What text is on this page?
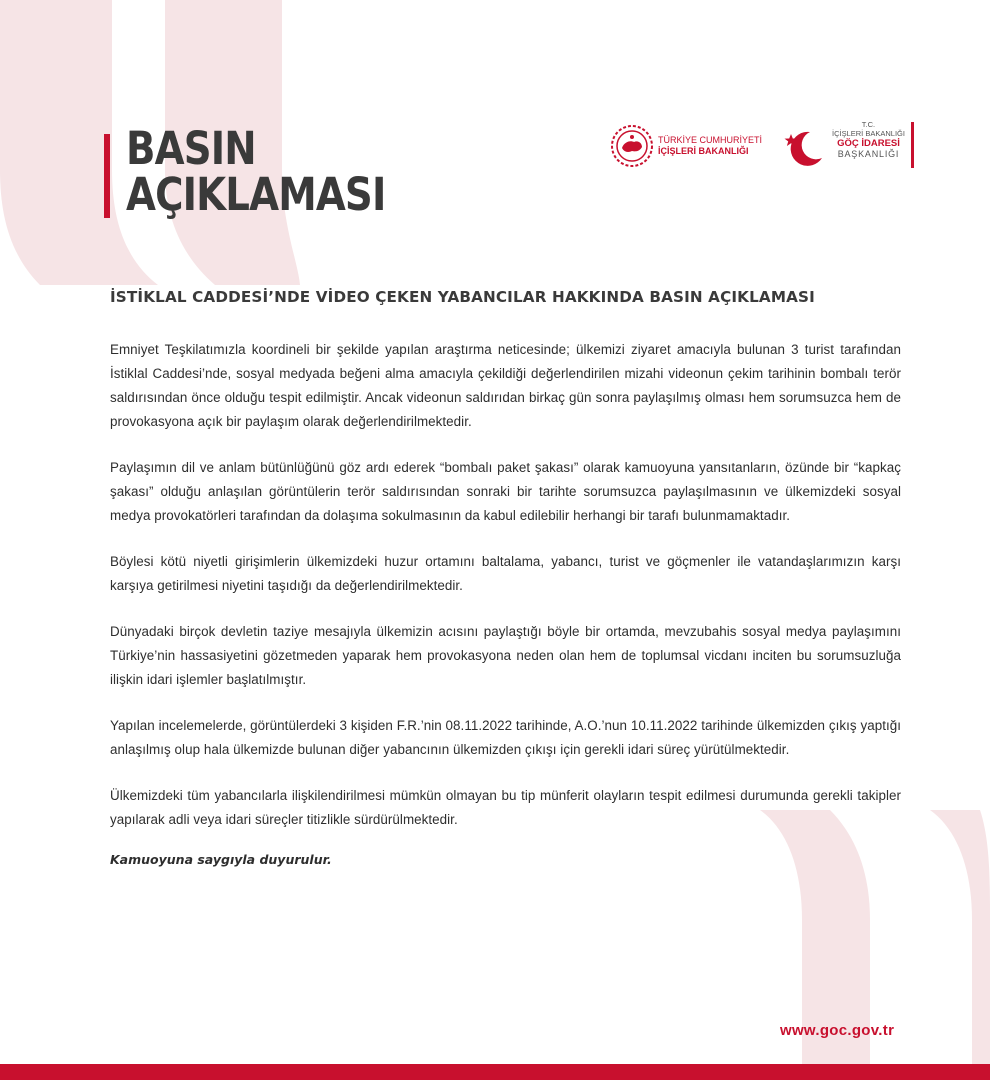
BASIN
AÇIKLAMASI
TÜRKİYE CUMHURİYETİ
İÇİŞLERİ BAKANLIĞI
T.C.
İÇİŞLERİ BAKANLIĞI
GÖÇ İDARESİ
BAŞKANLIĞI
İSTİKLAL CADDESİ’NDE VİDEO ÇEKEN YABANCILAR HAKKINDA BASIN AÇIKLAMASI

Emniyet Teşkilatımızla koordineli bir şekilde yapılan araştırma neticesinde; ülkemizi ziyaret amacıyla bulunan 3 turist tarafından İstiklal Caddesi’nde, sosyal medyada beğeni alma amacıyla çekildiği değerlendirilen mizahi videonun çekim tarihinin bombalı terör saldırısından önce olduğu tespit edilmiştir. Ancak videonun saldırıdan birkaç gün sonra paylaşılmış olması hem sorumsuzca hem de provokasyona açık bir paylaşım olarak değerlendirilmektedir.

Paylaşımın dil ve anlam bütünlüğünü göz ardı ederek “bombalı paket şakası” olarak kamuoyuna yansıtanların, özünde bir “kapkaç şakası” olduğu anlaşılan görüntülerin terör saldırısından sonraki bir tarihte sorumsuzca paylaşılmasının ve ülkemizdeki sosyal medya provokatörleri tarafından da dolaşıma sokulmasının da kabul edilebilir herhangi bir tarafı bulunmamaktadır.

Böylesi kötü niyetli girişimlerin ülkemizdeki huzur ortamını baltalama, yabancı, turist ve göçmenler ile vatandaşlarımızın karşı karşıya getirilmesi niyetini taşıdığı da değerlendirilmektedir.

Dünyadaki birçok devletin taziye mesajıyla ülkemizin acısını paylaştığı böyle bir ortamda, mevzubahis sosyal medya paylaşımını Türkiye’nin hassasiyetini gözetmeden yaparak hem provokasyona neden olan hem de toplumsal vicdanı inciten bu sorumsuzluğa ilişkin idari işlemler başlatılmıştır.

Yapılan incelemelerde, görüntülerdeki 3 kişiden F.R.’nin 08.11.2022 tarihinde, A.O.’nun 10.11.2022 tarihinde ülkemizden çıkış yaptığı anlaşılmış olup hala ülkemizde bulunan diğer yabancının ülkemizden çıkışı için gerekli idari süreç yürütülmektedir.

Ülkemizdeki tüm yabancılarla ilişkilendirilmesi mümkün olmayan bu tip münferit olayların tespit edilmesi durumunda gerekli takipler yapılarak adli veya idari süreçler titizlikle sürdürülmektedir.

Kamuoyuna saygıyla duyurulur.
www.goc.gov.tr
